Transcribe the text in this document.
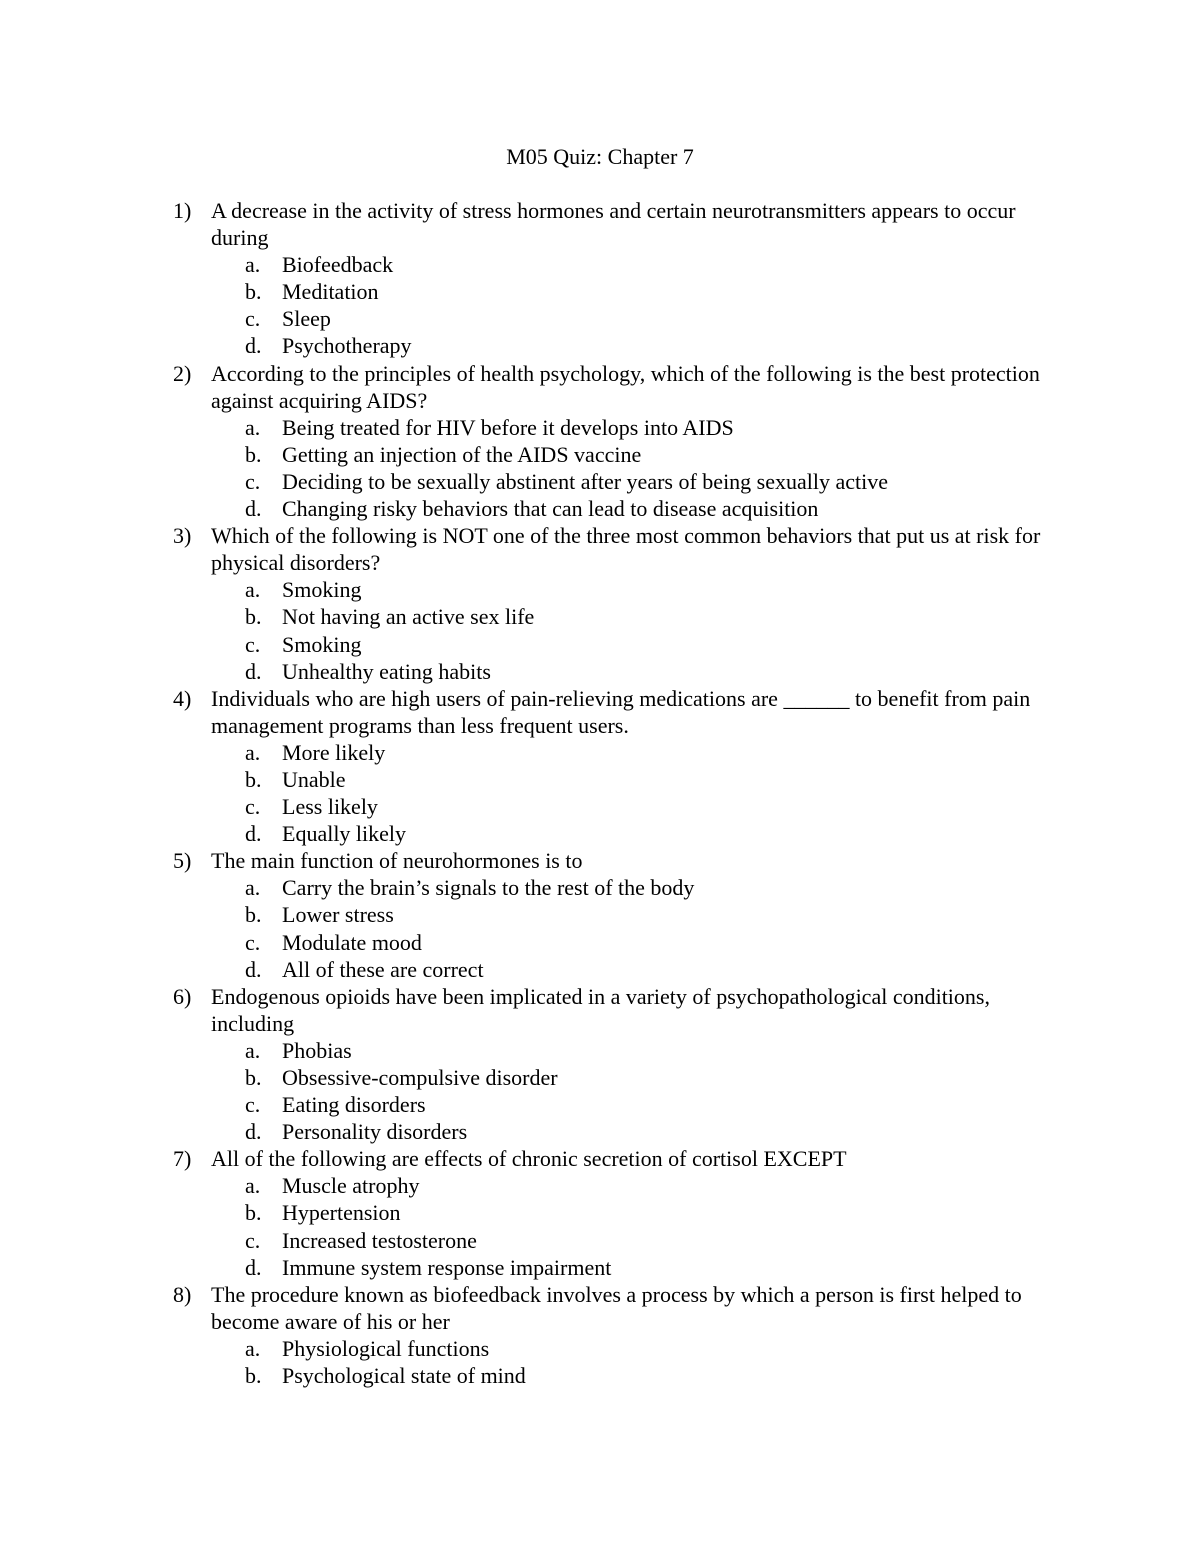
M05 Quiz: Chapter 7
1) A decrease in the activity of stress hormones and certain neurotransmitters appears to occur during
a. Biofeedback
b. Meditation
c. Sleep
d. Psychotherapy
2) According to the principles of health psychology, which of the following is the best protection against acquiring AIDS?
a. Being treated for HIV before it develops into AIDS
b. Getting an injection of the AIDS vaccine
c. Deciding to be sexually abstinent after years of being sexually active
d. Changing risky behaviors that can lead to disease acquisition
3) Which of the following is NOT one of the three most common behaviors that put us at risk for physical disorders?
a. Smoking
b. Not having an active sex life
c. Smoking
d. Unhealthy eating habits
4) Individuals who are high users of pain-relieving medications are ______ to benefit from pain management programs than less frequent users.
a. More likely
b. Unable
c. Less likely
d. Equally likely
5) The main function of neurohormones is to
a. Carry the brain’s signals to the rest of the body
b. Lower stress
c. Modulate mood
d. All of these are correct
6) Endogenous opioids have been implicated in a variety of psychopathological conditions, including
a. Phobias
b. Obsessive-compulsive disorder
c. Eating disorders
d. Personality disorders
7) All of the following are effects of chronic secretion of cortisol EXCEPT
a. Muscle atrophy
b. Hypertension
c. Increased testosterone
d. Immune system response impairment
8) The procedure known as biofeedback involves a process by which a person is first helped to become aware of his or her
a. Physiological functions
b. Psychological state of mind
